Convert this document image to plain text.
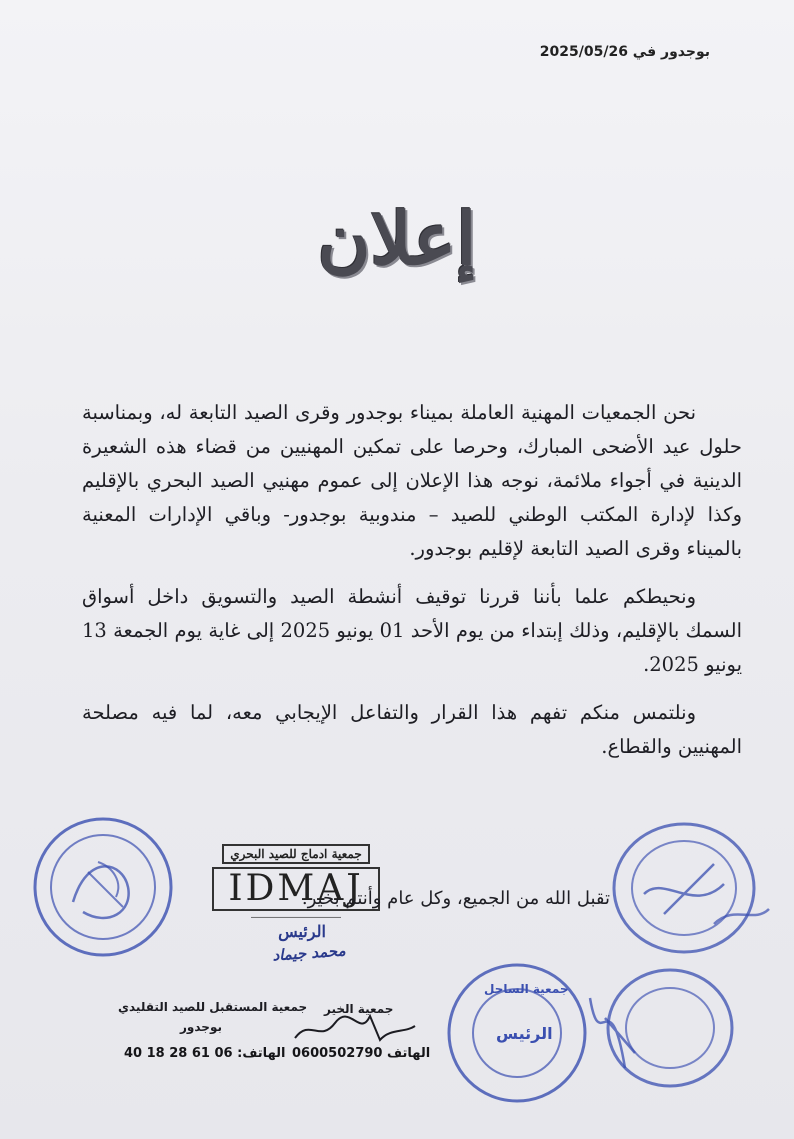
بوجدور في 2025/05/26
إعلان

نحن الجمعيات المهنية العاملة بميناء بوجدور وقرى الصيد التابعة له، وبمناسبة حلول عيد الأضحى المبارك، وحرصا على تمكين المهنيين من قضاء هذه الشعيرة الدينية في أجواء ملائمة، نوجه هذا الإعلان إلى عموم مهنيي الصيد البحري بالإقليم وكذا لإدارة المكتب الوطني للصيد – مندوبية بوجدور- وباقي الإدارات المعنية بالميناء وقرى الصيد التابعة لإقليم بوجدور.

ونحيطكم علما بأننا قررنا توقيف أنشطة الصيد والتسويق داخل أسواق السمك بالإقليم، وذلك إبتداء من يوم الأحد 01 يونيو 2025 إلى غاية يوم الجمعة 13 يونيو 2025.

ونلتمس منكم تفهم هذا القرار والتفاعل الإيجابي معه، لما فيه مصلحة المهنيين والقطاع.

جمعية ادماج للصيد البحري
IDMAJ
―――――――――
تقبل الله من الجميع، وكل عام وأنتم بخير.
الرئيس
محمد جيماد
جمعية المستقبل للصيد التقليدي
بوجدور
الهاتف: 06 61 28 18 40
جمعية الخير
الهاتف 0600502790
جمعية الساحل
الرئيس
